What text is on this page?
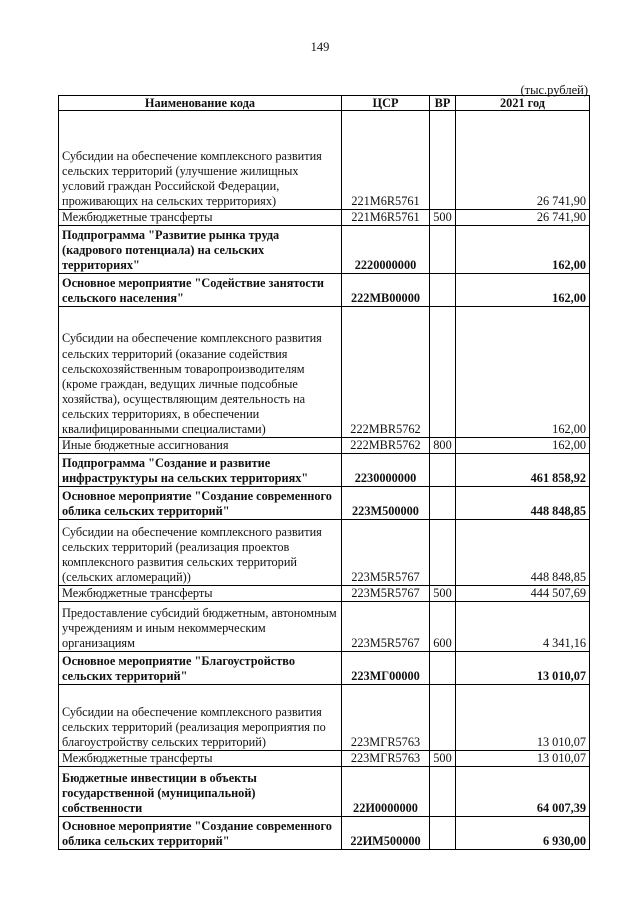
149
(тыс.рублей)
Наименование кода	ЦСР	ВР	2021 год
Субсидии на обеспечение комплексного развития сельских территорий (улучшение жилищных условий граждан Российской Федерации, проживающих на сельских территориях)	221М6R5761		26 741,90
Межбюджетные трансферты	221М6R5761	500	26 741,90
Подпрограмма "Развитие рынка труда (кадрового потенциала) на сельских территориях"	2220000000		162,00
Основное мероприятие "Содействие занятости сельского населения"	222МВ00000		162,00
Субсидии на обеспечение комплексного развития сельских территорий (оказание содействия сельскохозяйственным товаропроизводителям (кроме граждан, ведущих личные подсобные хозяйства), осуществляющим деятельность на сельских территориях, в обеспечении квалифицированными специалистами)	222МВR5762		162,00
Иные бюджетные ассигнования	222МВR5762	800	162,00
Подпрограмма "Создание и развитие инфраструктуры на сельских территориях"	2230000000		461 858,92
Основное мероприятие "Создание современного облика сельских территорий"	223М500000		448 848,85
Субсидии на обеспечение комплексного развития сельских территорий (реализация проектов комплексного развития сельских территорий (сельских агломераций))	223М5R5767		448 848,85
Межбюджетные трансферты	223М5R5767	500	444 507,69
Предоставление субсидий бюджетным, автономным учреждениям и иным некоммерческим организациям	223М5R5767	600	4 341,16
Основное мероприятие "Благоустройство сельских территорий"	223МГ00000		13 010,07
Субсидии на обеспечение комплексного развития сельских территорий (реализация мероприятия по благоустройству сельских территорий)	223МГR5763		13 010,07
Межбюджетные трансферты	223МГR5763	500	13 010,07
Бюджетные инвестиции в объекты государственной (муниципальной) собственности	22И0000000		64 007,39
Основное мероприятие "Создание современного облика сельских территорий"	22ИМ500000		6 930,00
